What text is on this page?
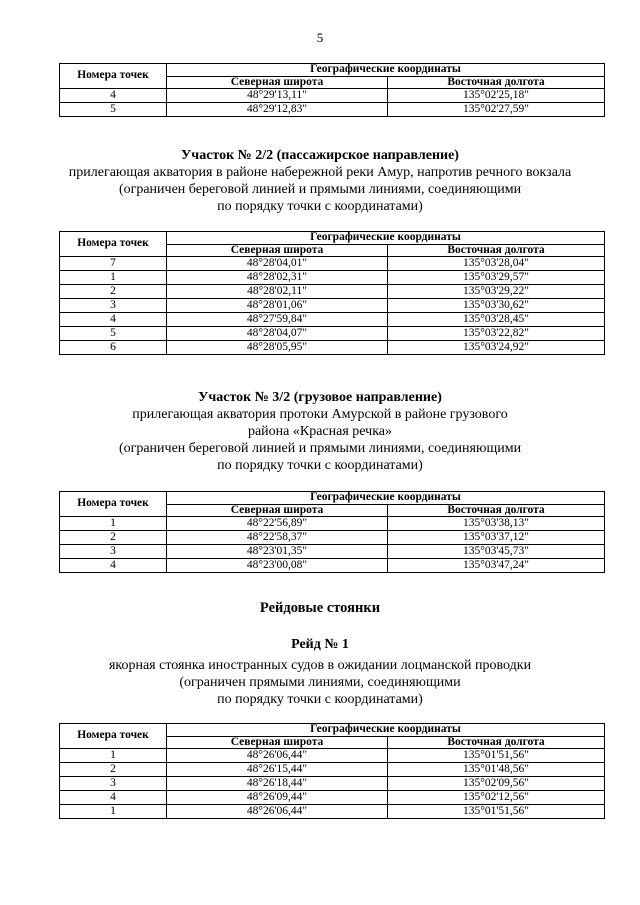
5
Номера точек	Географические координаты	
	Северная широта	Восточная долгота
4	48°29'13,11"	135°02'25,18"
5	48°29'12,83"	135°02'27,59"
Участок № 2/2 (пассажирское направление)
прилегающая акватория в районе набережной реки Амур, напротив речного вокзала
(ограничен береговой линией и прямыми линиями, соединяющими
по порядку точки с координатами)
Номера точек	Географические координаты	
	Северная широта	Восточная долгота
7	48°28'04,01"	135°03'28,04"
1	48°28'02,31"	135°03'29,57"
2	48°28'02,11"	135°03'29,22"
3	48°28'01,06"	135°03'30,62"
4	48°27'59,84"	135°03'28,45"
5	48°28'04,07"	135°03'22,82"
6	48°28'05,95"	135°03'24,92"
Участок № 3/2 (грузовое направление)
прилегающая акватория протоки Амурской в районе грузового
района «Красная речка»
(ограничен береговой линией и прямыми линиями, соединяющими
по порядку точки с координатами)
Номера точек	Географические координаты	
	Северная широта	Восточная долгота
1	48°22'56,89"	135°03'38,13"
2	48°22'58,37"	135°03'37,12"
3	48°23'01,35"	135°03'45,73"
4	48°23'00,08"	135°03'47,24"
Рейдовые стоянки
Рейд № 1
якорная стоянка иностранных судов в ожидании лоцманской проводки
(ограничен прямыми линиями, соединяющими
по порядку точки с координатами)
Номера точек	Географические координаты	
	Северная широта	Восточная долгота
1	48°26'06,44"	135°01'51,56"
2	48°26'15,44"	135°01'48,56"
3	48°26'18,44"	135°02'09,56"
4	48°26'09,44"	135°02'12,56"
1	48°26'06,44"	135°01'51,56"
